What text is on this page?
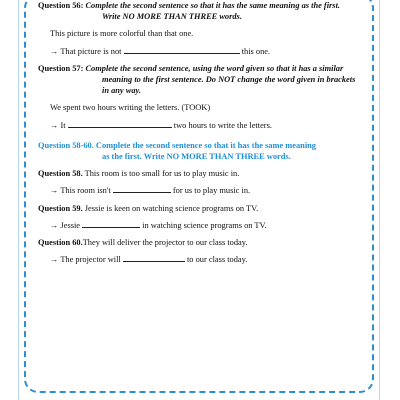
Question 56: Complete the second sentence so that it has the same meaning as the first.
Write NO MORE THAN THREE words.
This picture is more colorful than that one.
→ That picture is not	this one.
Question 57: Complete the second sentence, using the word given so that it has a similar
meaning to the first sentence. Do NOT change the word given in brackets
in any way.
We spent two hours writing the letters. (TOOK)
→ It	two hours to write the letters.
Question 58-60. Complete the second sentence so that it has the same meaning
as the first. Write NO MORE THAN THREE words.
Question 58. This room is too small for us to play music in.
→ This room isn't	for us to play music in.
Question 59. Jessie is keen on watching science programs on TV.
→ Jessie	in watching science programs on TV.
Question 60.They will deliver the projector to our class today.
→ The projector will	to our class today.
